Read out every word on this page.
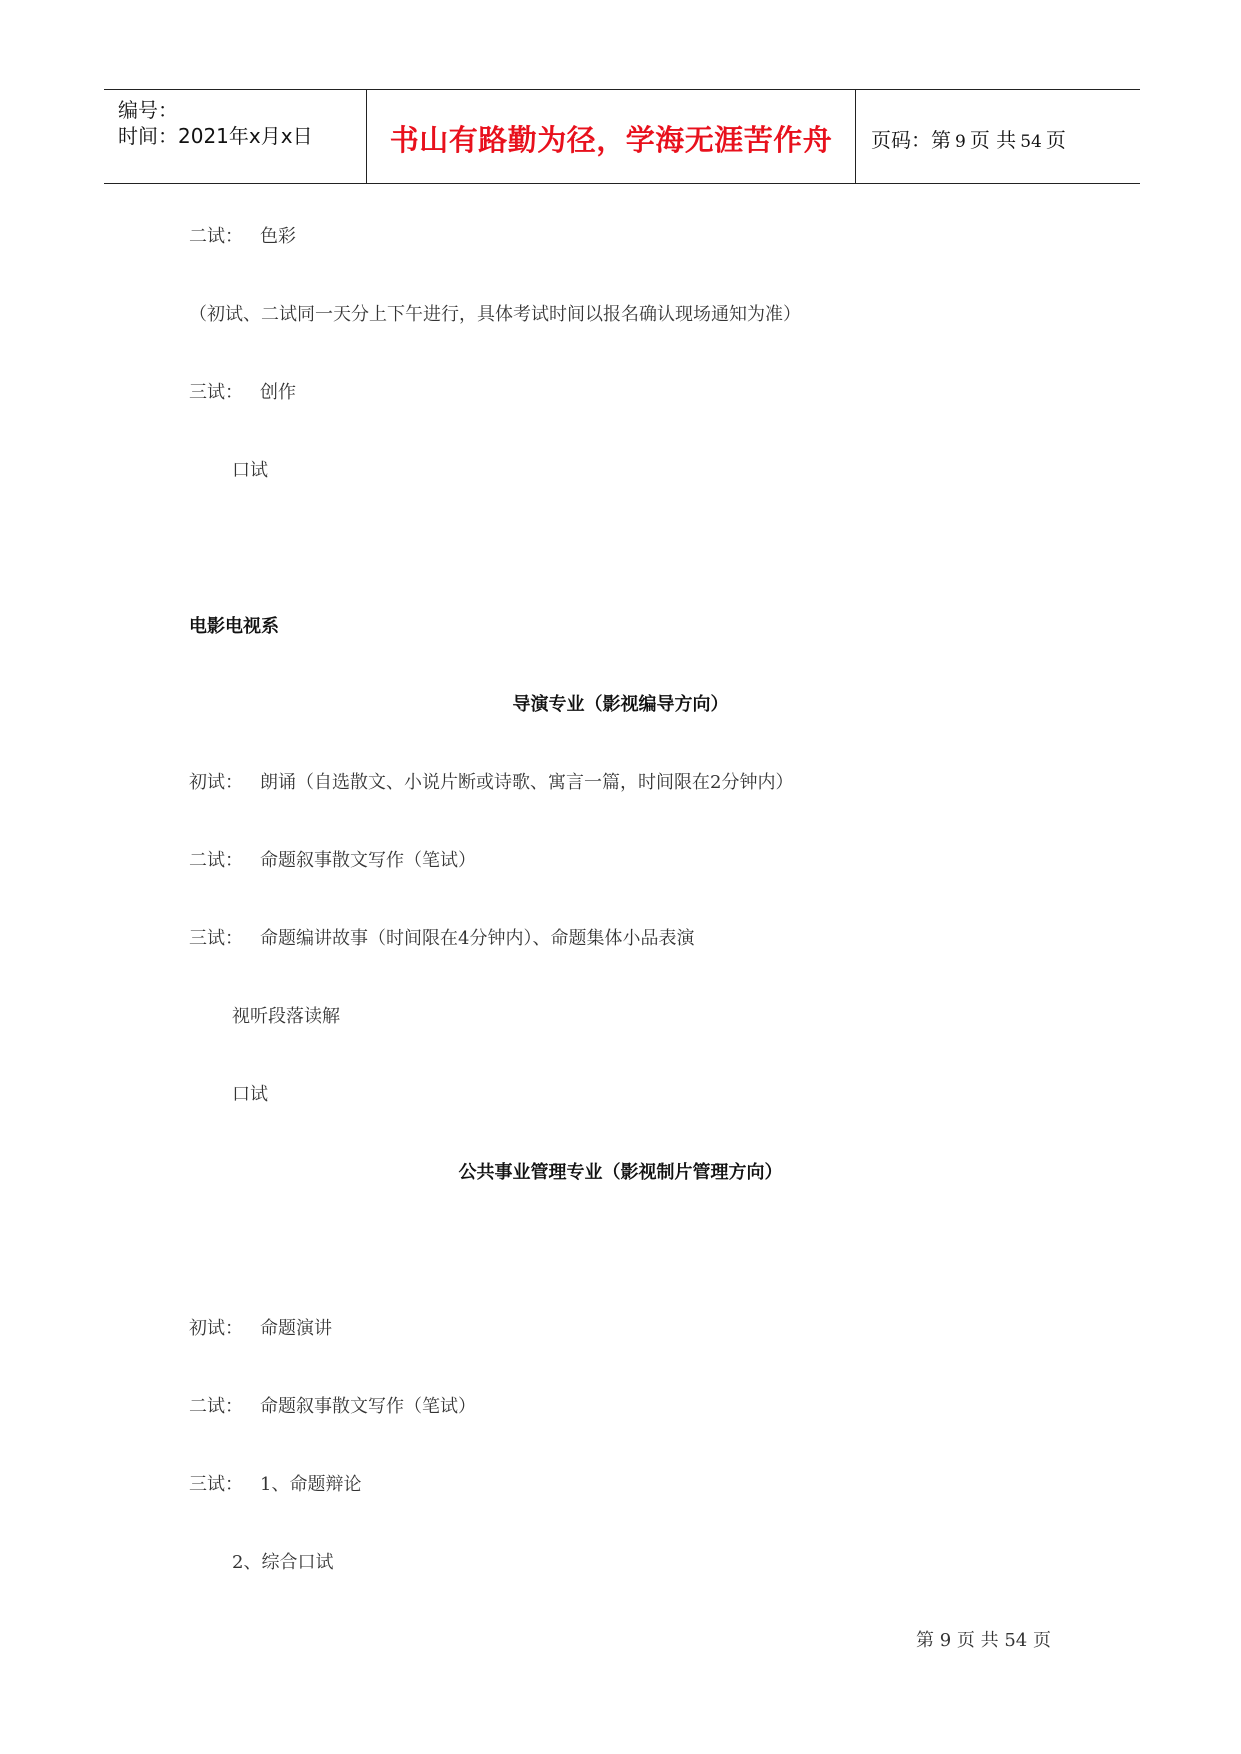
编号：
时间：2021年x月x日	书山有路勤为径，学海无涯苦作舟	页码：第 9 页 共 54 页
二试： 色彩
（初试、二试同一天分上下午进行，具体考试时间以报名确认现场通知为准）
三试： 创作
口试
电影电视系
导演专业（影视编导方向）
初试： 朗诵（自选散文、小说片断或诗歌、寓言一篇，时间限在2分钟内）
二试： 命题叙事散文写作（笔试）
三试： 命题编讲故事（时间限在4分钟内）、命题集体小品表演
视听段落读解
口试
公共事业管理专业（影视制片管理方向）
初试： 命题演讲
二试： 命题叙事散文写作（笔试）
三试： 1、命题辩论
2、综合口试
第 9 页 共 54 页
